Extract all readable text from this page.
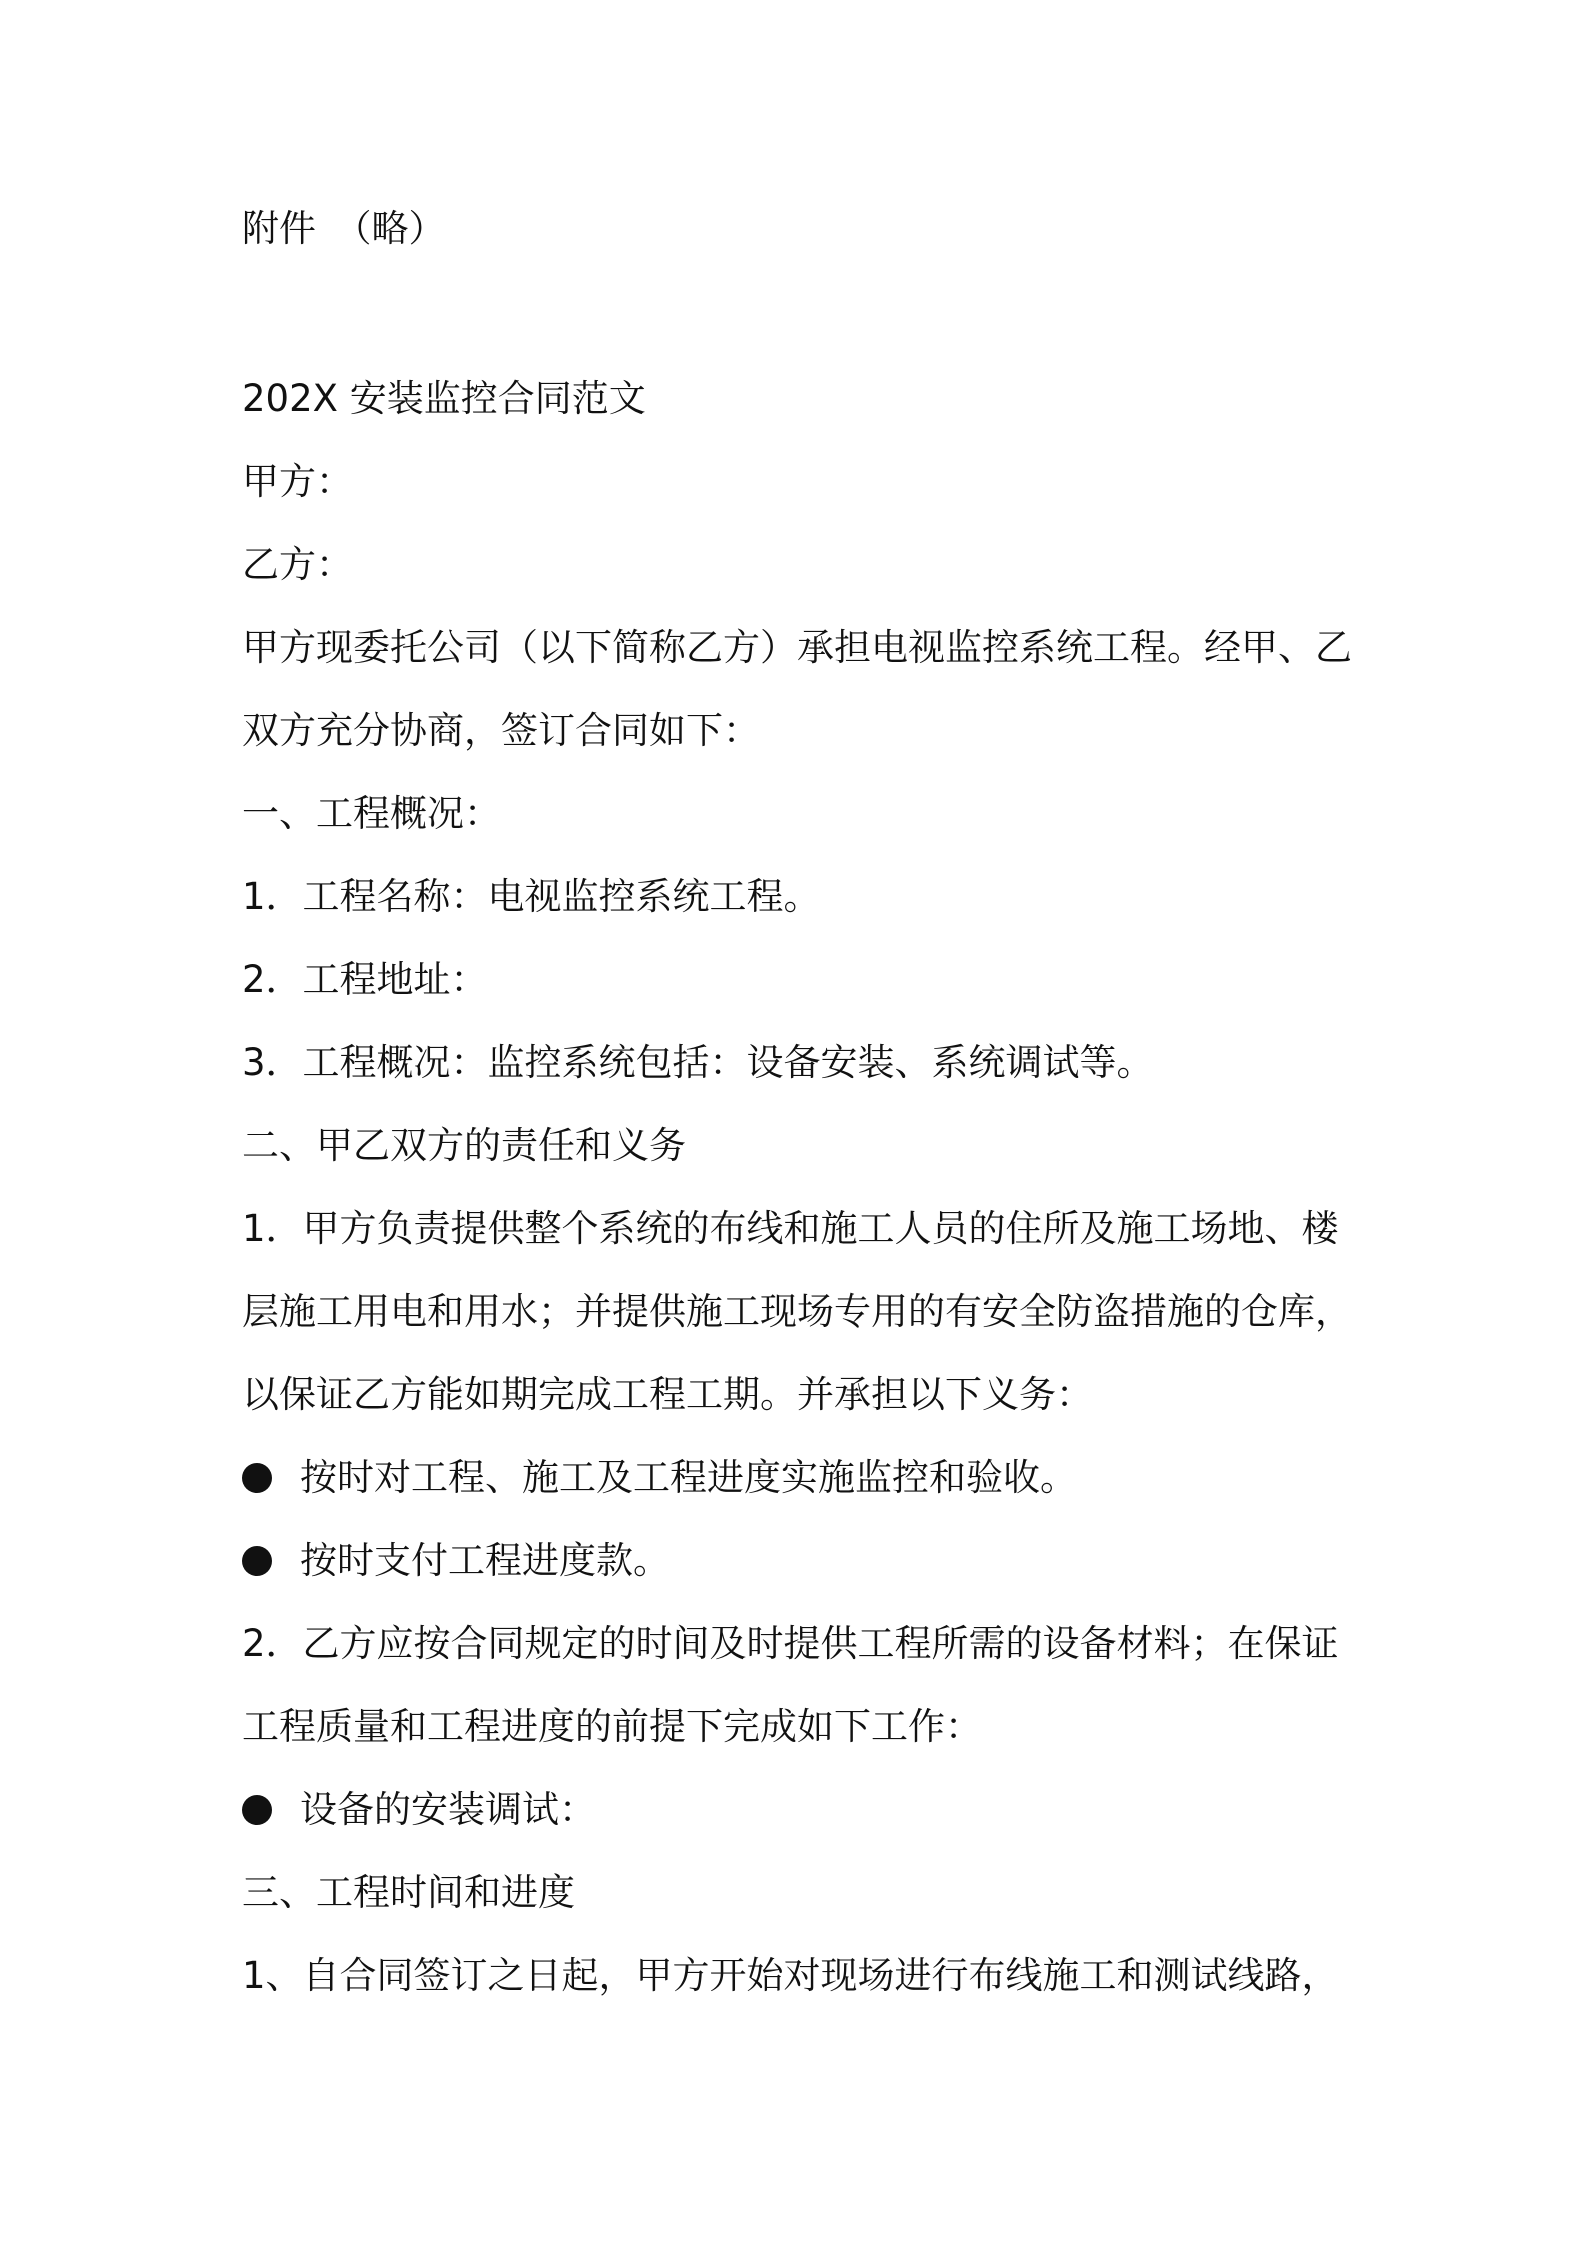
附件　（略）

202X 安装监控合同范文

甲方：

乙方：

甲方现委托公司（以下简称乙方）承担电视监控系统工程。经甲、乙

双方充分协商，签订合同如下：

一、工程概况：

1．工程名称：电视监控系统工程。

2．工程地址：

3．工程概况：监控系统包括：设备安装、系统调试等。

二、甲乙双方的责任和义务

1．甲方负责提供整个系统的布线和施工人员的住所及施工场地、楼

层施工用电和用水；并提供施工现场专用的有安全防盗措施的仓库，

以保证乙方能如期完成工程工期。并承担以下义务：

按时对工程、施工及工程进度实施监控和验收。
按时支付工程进度款。

2．乙方应按合同规定的时间及时提供工程所需的设备材料；在保证

工程质量和工程进度的前提下完成如下工作：

设备的安装调试：

三、工程时间和进度

1、自合同签订之日起，甲方开始对现场进行布线施工和测试线路，
